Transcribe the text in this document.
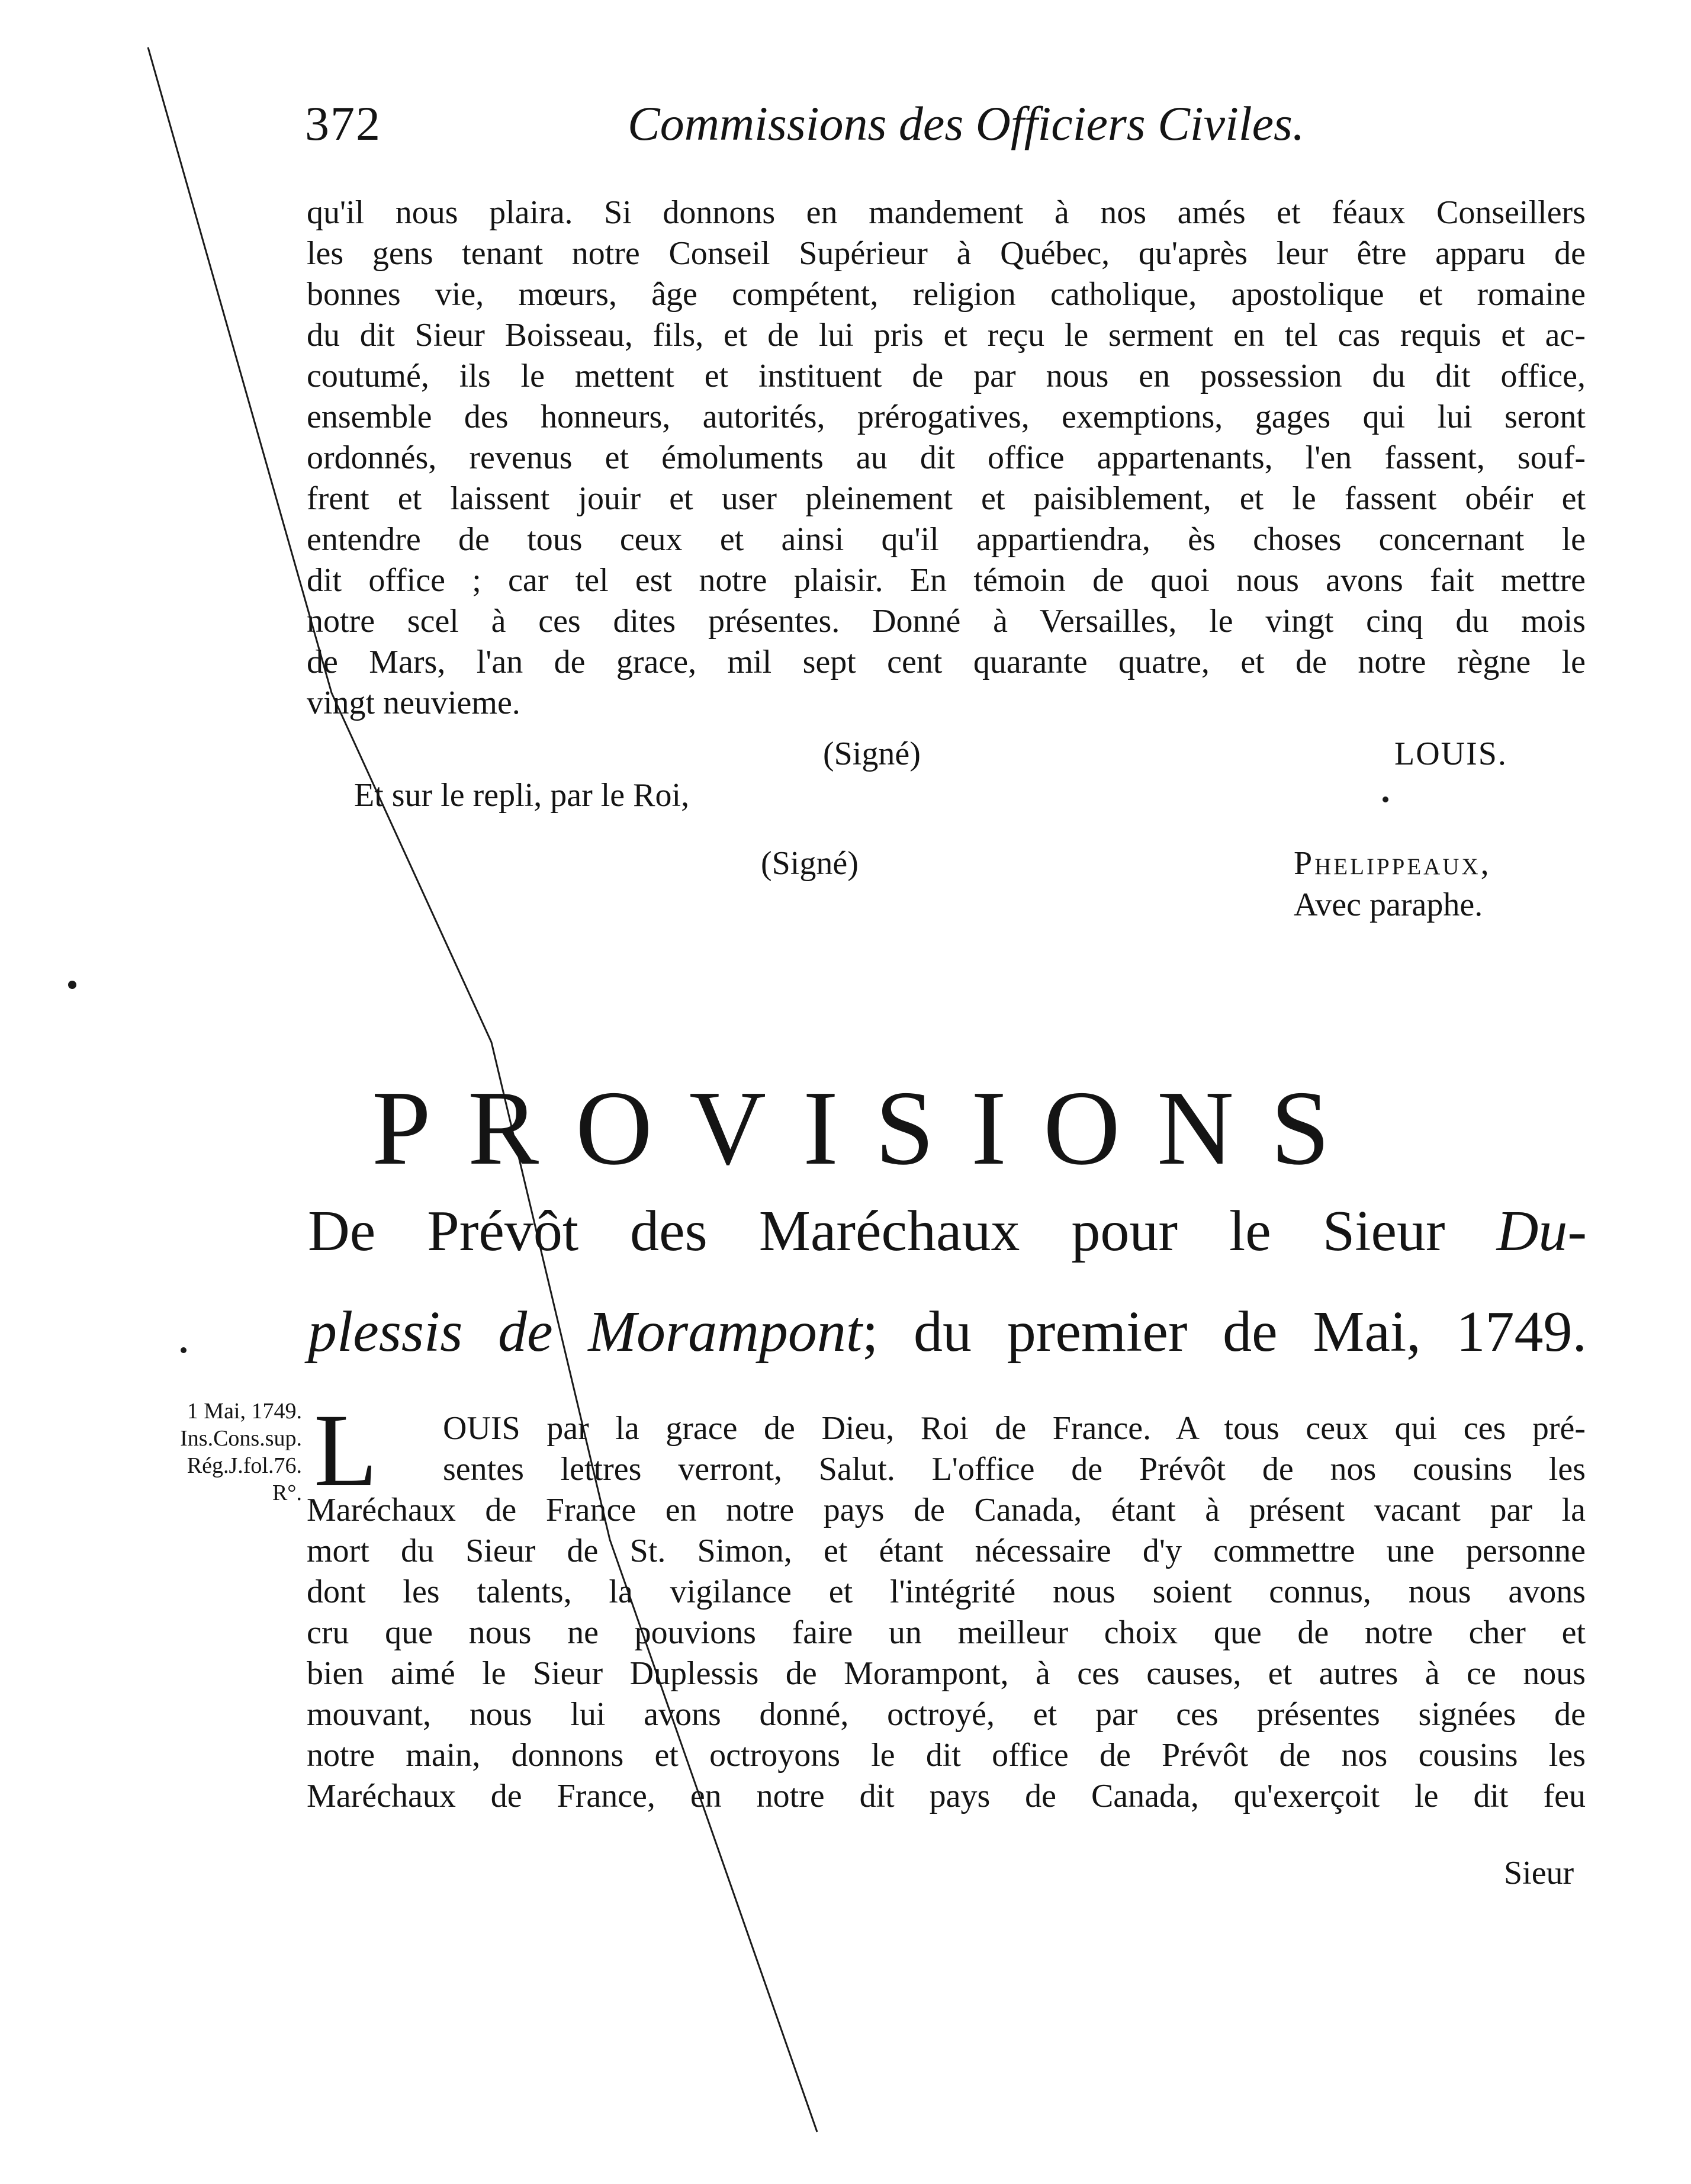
372	Commissions des Officiers Civiles.
qu'il nous plaira. Si donnons en mandement à nos amés et féaux Conseillers
les gens tenant notre Conseil Supérieur à Québec, qu'après leur être apparu de
bonnes vie, mœurs, âge compétent, religion catholique, apostolique et romaine
du dit Sieur Boisseau, fils, et de lui pris et reçu le serment en tel cas requis et ac-
coutumé, ils le mettent et instituent de par nous en possession du dit office,
ensemble des honneurs, autorités, prérogatives, exemptions, gages qui lui seront
ordonnés, revenus et émoluments au dit office appartenants, l'en fassent, souf-
frent et laissent jouir et user pleinement et paisiblement, et le fassent obéir et
entendre de tous ceux et ainsi qu'il appartiendra, ès choses concernant le
dit office ; car tel est notre plaisir. En témoin de quoi nous avons fait mettre
notre scel à ces dites présentes. Donné à Versailles, le vingt cinq du mois
de Mars, l'an de grace, mil sept cent quarante quatre, et de notre règne le
vingt neuvieme.
(Signé)	LOUIS.
Et sur le repli, par le Roi,
(Signé)	Phelippeaux,
Avec paraphe.
PROVISIONS
De Prévôt des Maréchaux pour le Sieur Du-
plessis de Morampont; du premier de Mai, 1749.
1 Mai, 1749.
Ins.Cons.sup.
Rég.J.fol.76.
R°. L	OUIS par la grace de Dieu, Roi de France. A tous ceux qui ces pré-
sentes lettres verront, Salut. L'office de Prévôt de nos cousins les
Maréchaux de France en notre pays de Canada, étant à présent vacant par la
mort du Sieur de St. Simon, et étant nécessaire d'y commettre une personne
dont les talents, la vigilance et l'intégrité nous soient connus, nous avons
cru que nous ne pouvions faire un meilleur choix que de notre cher et
bien aimé le Sieur Duplessis de Morampont, à ces causes, et autres à ce nous
mouvant, nous lui avons donné, octroyé, et par ces présentes signées de
notre main, donnons et octroyons le dit office de Prévôt de nos cousins les
Maréchaux de France, en notre dit pays de Canada, qu'exerçoit le dit feu
Sieur
